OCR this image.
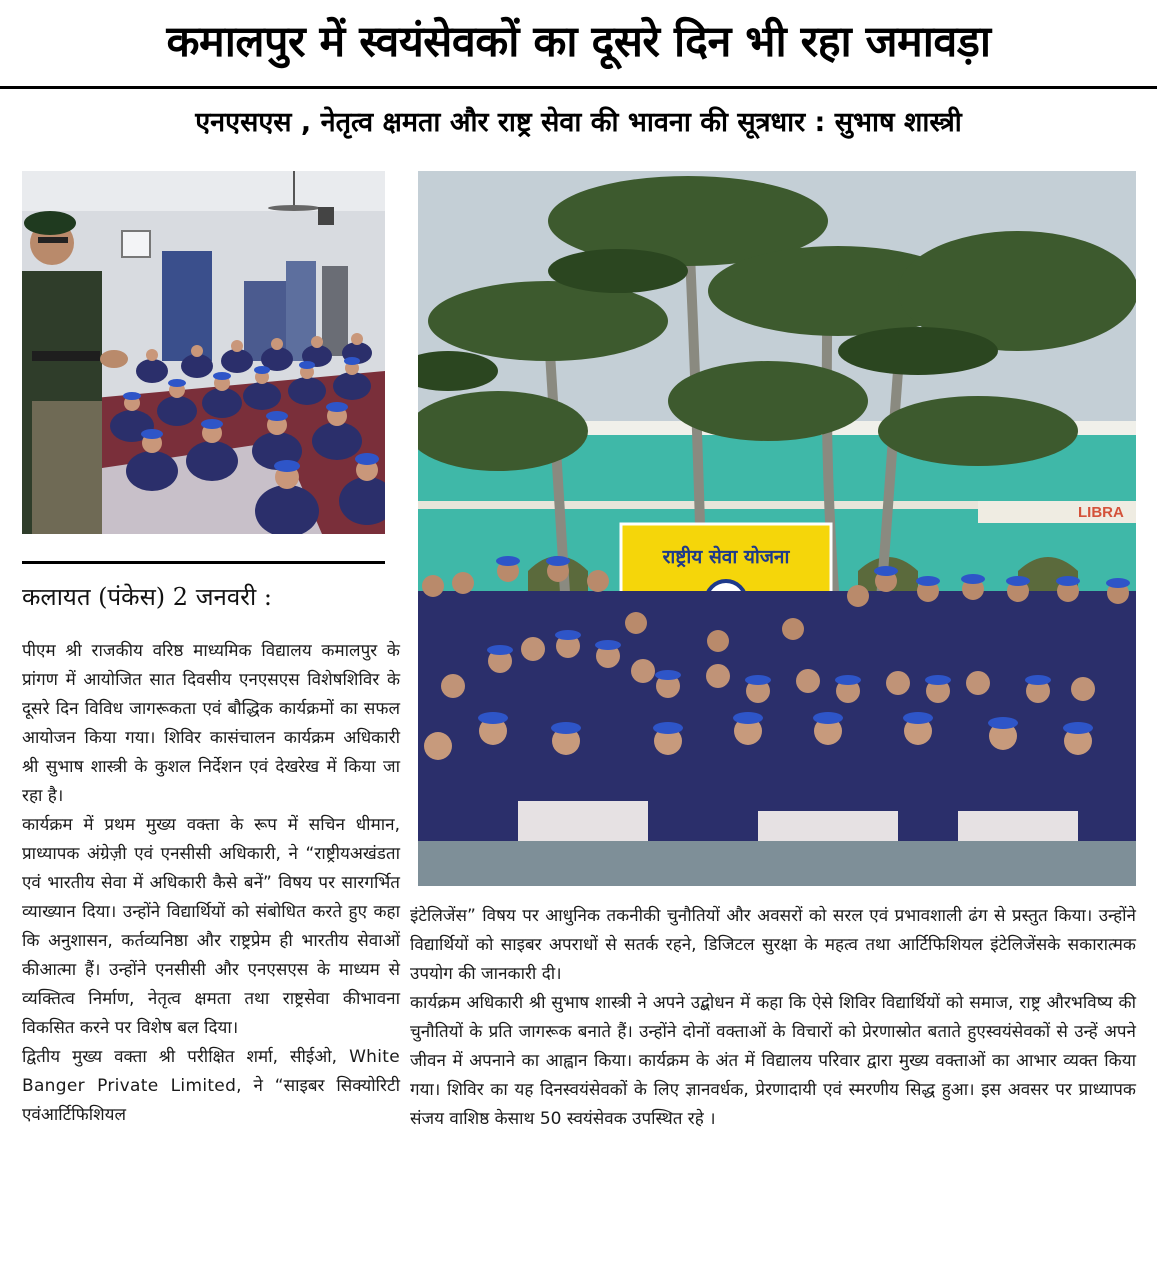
कमालपुर में स्वयंसेवकों का दूसरे दिन भी रहा जमावड़ा
एनएसएस , नेतृत्व क्षमता और राष्ट्र सेवा की भावना की सूत्रधार : सुभाष शास्त्री
LIBRA
राष्ट्रीय सेवा योजना
कलायत (पंकेस) 2 जनवरी :

पीएम श्री राजकीय वरिष्ठ माध्यमिक विद्यालय कमालपुर के प्रांगण में आयोजित सात दिवसीय एनएसएस विशेषशिविर के दूसरे दिन विविध जागरूकता एवं बौद्धिक कार्यक्रमों का सफल आयोजन किया गया। शिविर कासंचालन कार्यक्रम अधिकारी श्री सुभाष शास्त्री के कुशल निर्देशन एवं देखरेख में किया जा रहा है।

कार्यक्रम में प्रथम मुख्य वक्ता के रूप में सचिन धीमान, प्राध्यापक अंग्रेज़ी एवं एनसीसी अधिकारी, ने “राष्ट्रीयअखंडता एवं भारतीय सेवा में अधिकारी कैसे बनें” विषय पर सारगर्भित व्याख्यान दिया। उन्होंने विद्यार्थियों को संबोधित करते हुए कहा कि अनुशासन, कर्तव्यनिष्ठा और राष्ट्रप्रेम ही भारतीय सेवाओं कीआत्मा हैं। उन्होंने एनसीसी और एनएसएस के माध्यम से व्यक्तित्व निर्माण, नेतृत्व क्षमता तथा राष्ट्रसेवा कीभावना विकसित करने पर विशेष बल दिया।

द्वितीय मुख्य वक्ता श्री परीक्षित शर्मा, सीईओ, White Banger Private Limited, ने “साइबर सिक्योरिटी एवंआर्टिफिशियल

इंटेलिजेंस” विषय पर आधुनिक तकनीकी चुनौतियों और अवसरों को सरल एवं प्रभावशाली ढंग से प्रस्तुत किया। उन्होंने विद्यार्थियों को साइबर अपराधों से सतर्क रहने, डिजिटल सुरक्षा के महत्व तथा आर्टिफिशियल इंटेलिजेंसके सकारात्मक उपयोग की जानकारी दी।

कार्यक्रम अधिकारी श्री सुभाष शास्त्री ने अपने उद्बोधन में कहा कि ऐसे शिविर विद्यार्थियों को समाज, राष्ट्र औरभविष्य की चुनौतियों के प्रति जागरूक बनाते हैं। उन्होंने दोनों वक्ताओं के विचारों को प्रेरणास्रोत बताते हुएस्वयंसेवकों से उन्हें अपने जीवन में अपनाने का आह्वान किया। कार्यक्रम के अंत में विद्यालय परिवार द्वारा मुख्य वक्ताओं का आभार व्यक्त किया गया। शिविर का यह दिनस्वयंसेवकों के लिए ज्ञानवर्धक, प्रेरणादायी एवं स्मरणीय सिद्ध हुआ। इस अवसर पर प्राध्यापक संजय वाशिष्ठ केसाथ 50 स्वयंसेवक उपस्थित रहे ।
